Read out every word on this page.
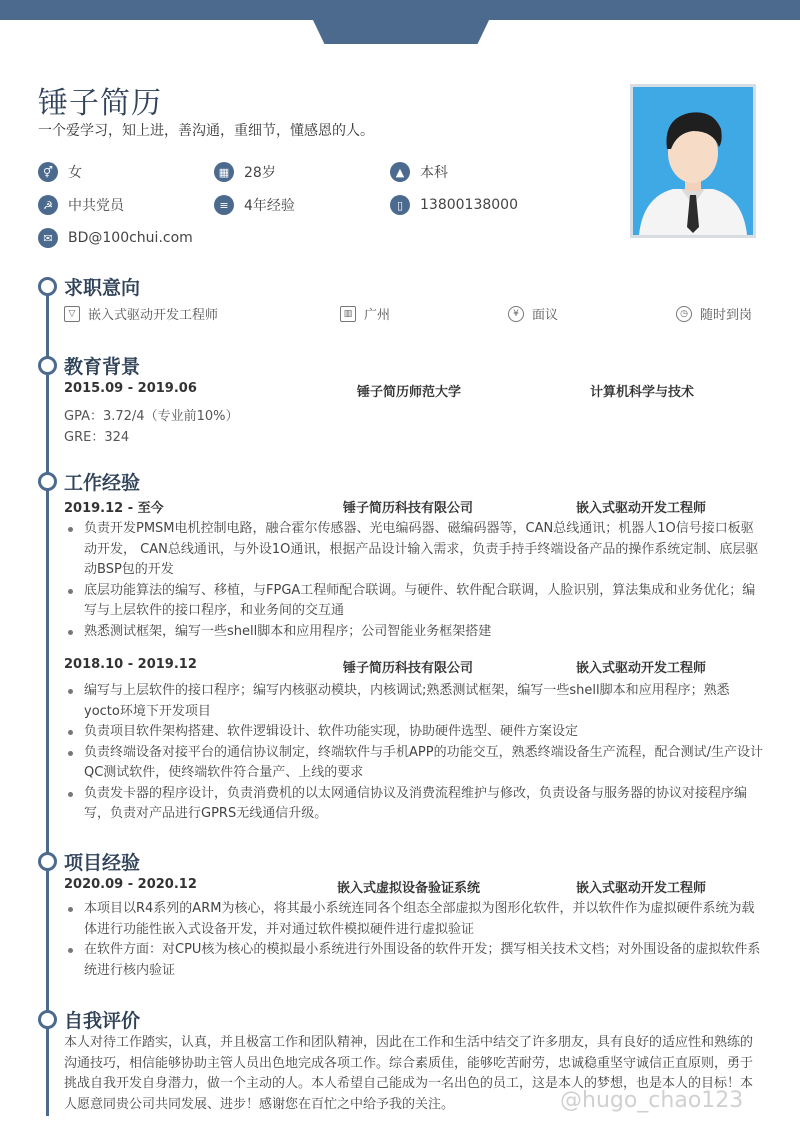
锤子简历
一个爱学习，知上进，善沟通，重细节，懂感恩的人。
⚥	女	▦	28岁	▲	本科
☭	中共党员	≡	4年经验	▯	13800138000
✉	BD@100chui.com
求职意向
▽ 嵌入式驱动开发工程师	▥ 广州	¥	面议	◷ 随时到岗
教育背景
2015.09 - 2019.06	锤子简历师范大学	计算机科学与技术
GPA：3.72/4（专业前10%）
GRE：324
工作经验
2019.12 - 至今	锤子简历科技有限公司	嵌入式驱动开发工程师
负责开发PMSM电机控制电路，融合霍尔传感器、光电编码器、磁编码器等，CAN总线通讯；机器人1O信号接口板驱动开发， CAN总线通讯，与外设1O通讯，根据产品设计输入需求，负责手持手终端设备产品的操作系统定制、底层驱动BSP包的开发
底层功能算法的编写、移植，与FPGA工程师配合联调。与硬件、软件配合联调，人脸识别，算法集成和业务优化；编写与上层软件的接口程序，和业务间的交互通
熟悉测试框架，编写一些shell脚本和应用程序；公司智能业务框架搭建
2018.10 - 2019.12	锤子简历科技有限公司	嵌入式驱动开发工程师
编写与上层软件的接口程序；编写内核驱动模块，内核调试;熟悉测试框架，编写一些shell脚本和应用程序；熟悉yocto环境下开发项目
负责项目软件架构搭建、软件逻辑设计、软件功能实现，协助硬件选型、硬件方案设定
负责终端设备对接平台的通信协议制定，终端软件与手机APP的功能交互，熟悉终端设备生产流程，配合测试/生产设计QC测试软件，使终端软件符合量产、上线的要求
负责发卡器的程序设计，负责消费机的以太网通信协议及消费流程维护与修改，负责设备与服务器的协议对接程序编写，负责对产品进行GPRS无线通信升级。
项目经验
2020.09 - 2020.12	嵌入式虚拟设备验证系统	嵌入式驱动开发工程师
本项目以R4系列的ARM为核心，将其最小系统连同各个组态全部虚拟为图形化软件，并以软件作为虚拟硬件系统为载体进行功能性嵌入式设备开发，并对通过软件模拟硬件进行虚拟验证
在软件方面：对CPU核为核心的模拟最小系统进行外围设备的软件开发；撰写相关技术文档；对外围设备的虚拟软件系统进行核内验证
自我评价
本人对待工作踏实，认真，并且极富工作和团队精神，因此在工作和生活中结交了许多朋友，具有良好的适应性和熟练的沟通技巧，相信能够协助主管人员出色地完成各项工作。综合素质佳，能够吃苦耐劳，忠诚稳重坚守诚信正直原则，勇于挑战自我开发自身潜力，做一个主动的人。本人希望自己能成为一名出色的员工，这是本人的梦想，也是本人的目标！本人愿意同贵公司共同发展、进步！感谢您在百忙之中给予我的关注。	@hugo_chao123
